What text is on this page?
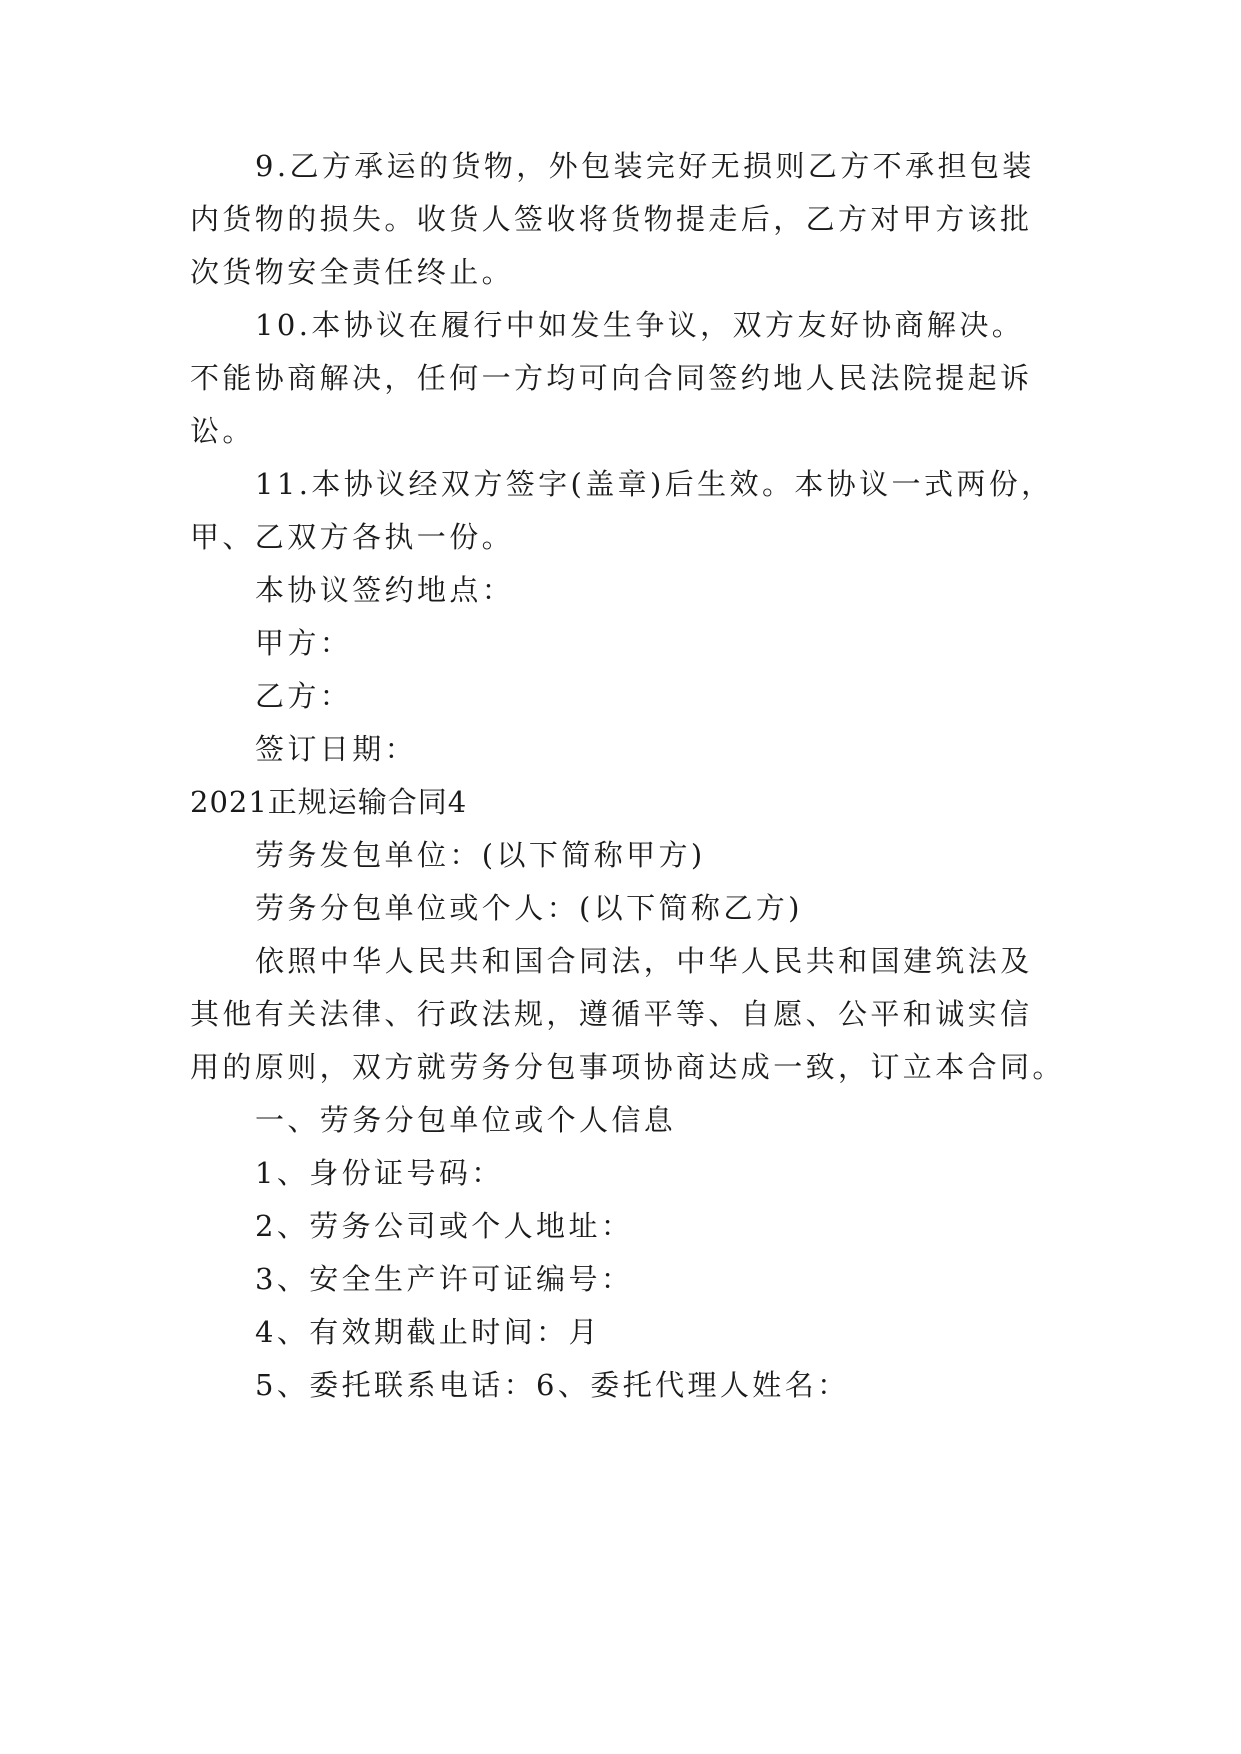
9.乙方承运的货物，外包装完好无损则乙方不承担包装
内货物的损失。收货人签收将货物提走后，乙方对甲方该批
次货物安全责任终止。
10.本协议在履行中如发生争议，双方友好协商解决。
不能协商解决，任何一方均可向合同签约地人民法院提起诉
讼。
11.本协议经双方签字(盖章)后生效。本协议一式两份，
甲、乙双方各执一份。
本协议签约地点：
甲方：
乙方：
签订日期：
2021正规运输合同4
劳务发包单位：(以下简称甲方)
劳务分包单位或个人：(以下简称乙方)
依照中华人民共和国合同法，中华人民共和国建筑法及
其他有关法律、行政法规，遵循平等、自愿、公平和诚实信
用的原则，双方就劳务分包事项协商达成一致，订立本合同。
一、劳务分包单位或个人信息
1、身份证号码：
2、劳务公司或个人地址：
3、安全生产许可证编号：
4、有效期截止时间：月
5、委托联系电话：6、委托代理人姓名：
